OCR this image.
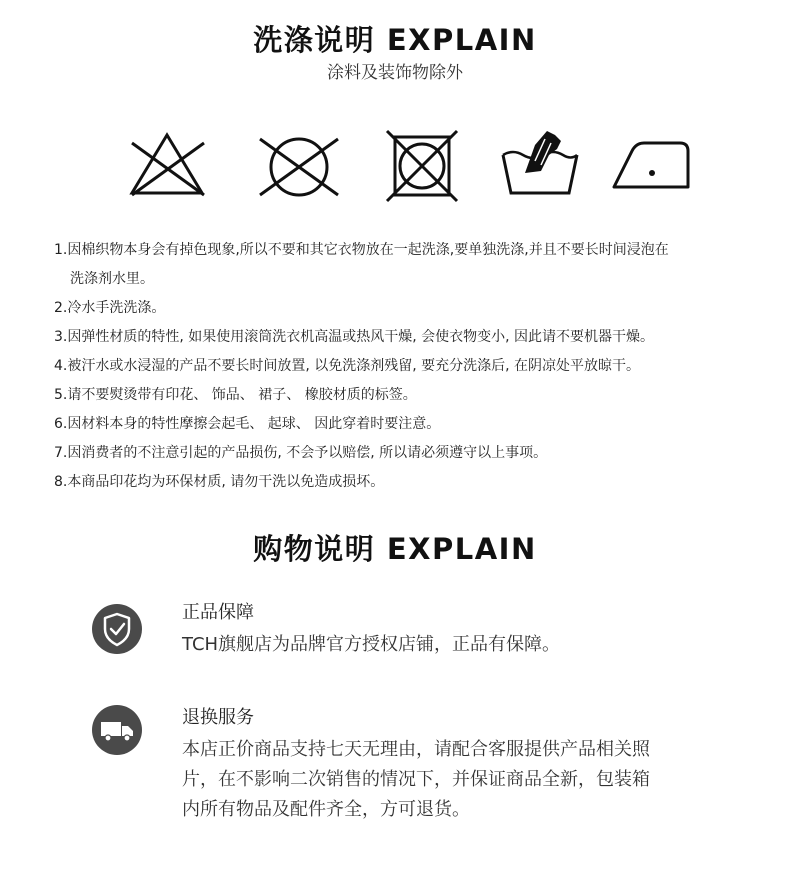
洗涤说明 EXPLAIN
涂料及装饰物除外
1.因棉织物本身会有掉色现象,所以不要和其它衣物放在一起洗涤,要单独洗涤,并且不要长时间浸泡在
洗涤剂水里。
2.冷水手洗洗涤。
3.因弹性材质的特性, 如果使用滚筒洗衣机高温或热风干燥, 会使衣物变小, 因此请不要机器干燥。
4.被汗水或水浸湿的产品不要长时间放置, 以免洗涤剂残留, 要充分洗涤后, 在阴凉处平放晾干。
5.请不要熨烫带有印花、 饰品、 裙子、 橡胶材质的标签。
6.因材料本身的特性摩擦会起毛、 起球、 因此穿着时要注意。
7.因消费者的不注意引起的产品损伤, 不会予以赔偿, 所以请必须遵守以上事项。
8.本商品印花均为环保材质, 请勿干洗以免造成损坏。
购物说明 EXPLAIN
正品保障
TCH旗舰店为品牌官方授权店铺，正品有保障。
退换服务
本店正价商品支持七天无理由，请配合客服提供产品相关照
片，在不影响二次销售的情况下，并保证商品全新，包装箱
内所有物品及配件齐全，方可退货。
